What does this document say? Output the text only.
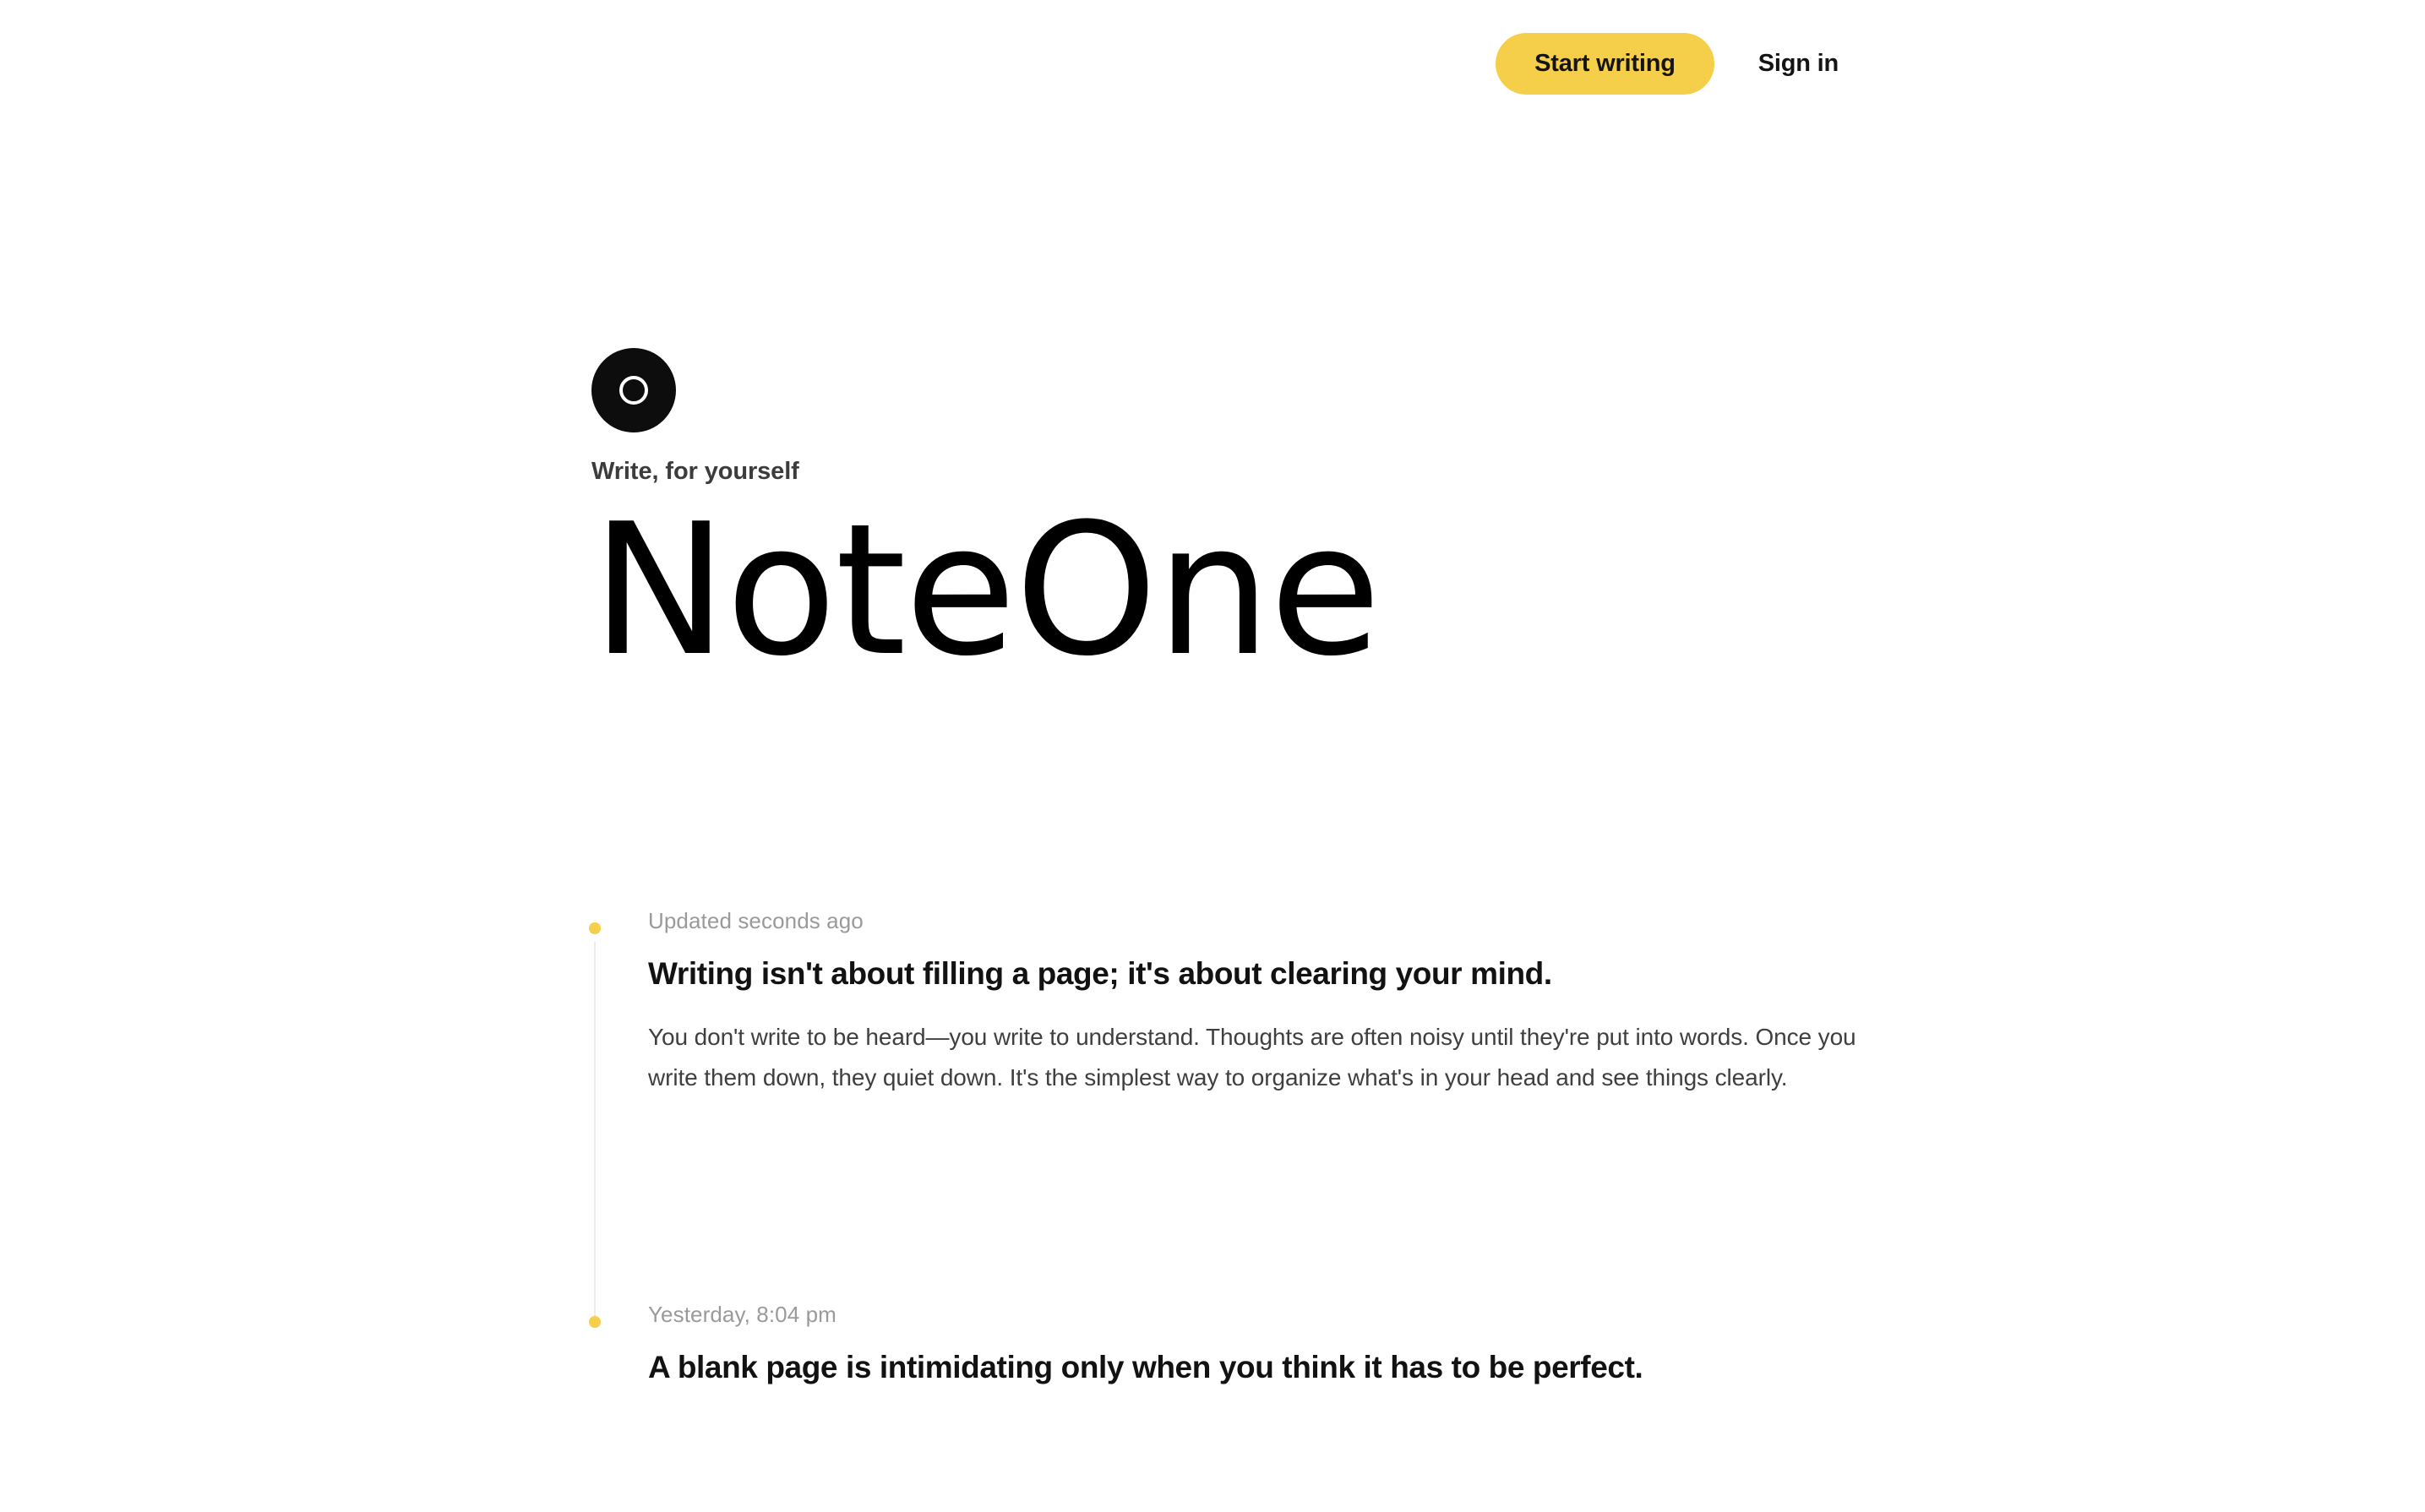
Start writing	Sign in
Write, for yourself
NoteOne
Updated seconds ago
Writing isn't about filling a page; it's about clearing your mind.
You don't write to be heard—you write to understand. Thoughts are often noisy until they're put into words. Once you write them down, they quiet down. It's the simplest way to organize what's in your head and see things clearly.
Yesterday, 8:04 pm
A blank page is intimidating only when you think it has to be perfect.
